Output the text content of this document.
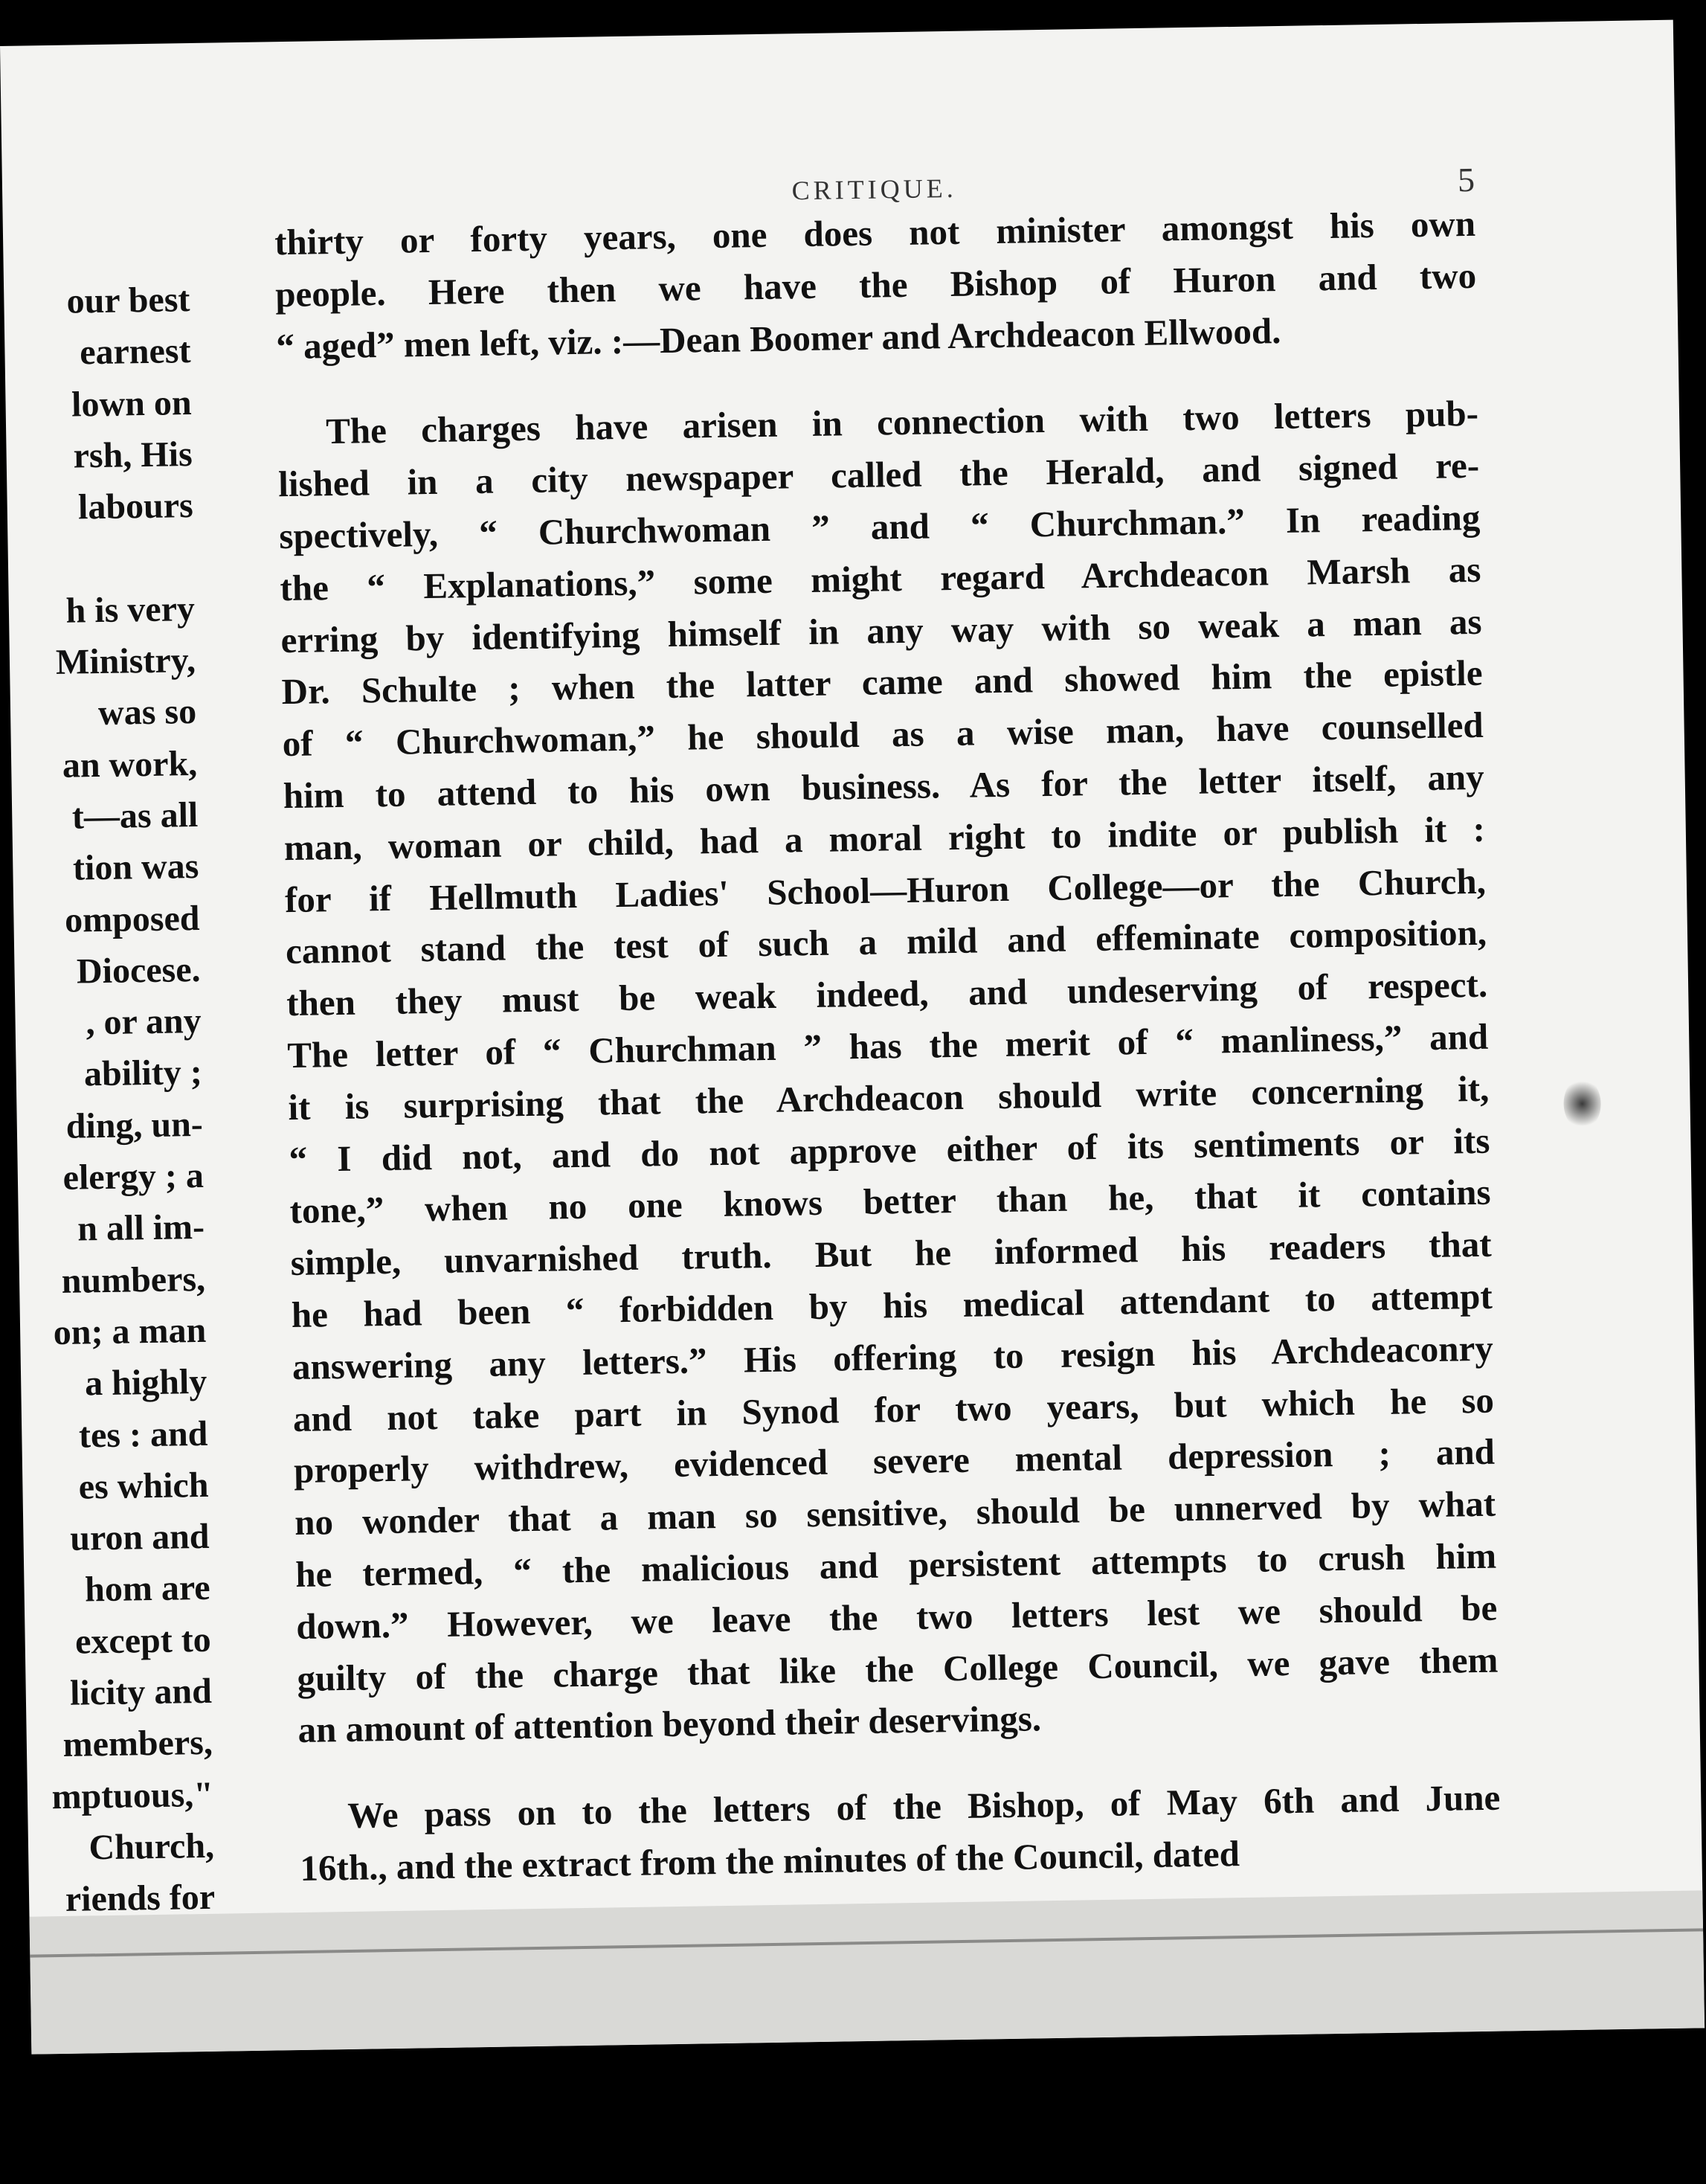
CRITIQUE.	5
our best
earnest
lown on
rsh, His
labours
h is very
Ministry,
was so
an work,
t—as all
tion was
omposed
Diocese.
, or any
ability ;
ding, un-
elergy ; a
n all im-
numbers,
on; a man
a highly
tes : and
es which
uron and
hom are
except to
licity and
members,
mptuous,"
Church,
riends for
thirty or forty years, one does not minister amongst his own
people. Here then we have the Bishop of Huron and two
“ aged” men left, viz. :—Dean Boomer and Archdeacon Ellwood.
The charges have arisen in connection with two letters pub-
lished in a city newspaper called the Herald, and signed re-
spectively, “ Churchwoman ” and “ Churchman.” In reading
the “ Explanations,” some might regard Archdeacon Marsh as
erring by identifying himself in any way with so weak a man as
Dr. Schulte ; when the latter came and showed him the epistle
of “ Churchwoman,” he should as a wise man, have counselled
him to attend to his own business. As for the letter itself, any
man, woman or child, had a moral right to indite or publish it :
for if Hellmuth Ladies' School—Huron College—or the Church,
cannot stand the test of such a mild and effeminate composition,
then they must be weak indeed, and undeserving of respect.
The letter of “ Churchman ” has the merit of “ manliness,” and
it is surprising that the Archdeacon should write concerning it,
“ I did not, and do not approve either of its sentiments or its
tone,” when no one knows better than he, that it contains
simple, unvarnished truth. But he informed his readers that
he had been “ forbidden by his medical attendant to attempt
answering any letters.” His offering to resign his Archdeaconry
and not take part in Synod for two years, but which he so
properly withdrew, evidenced severe mental depression ; and
no wonder that a man so sensitive, should be unnerved by what
he termed, “ the malicious and persistent attempts to crush him
down.” However, we leave the two letters lest we should be
guilty of the charge that like the College Council, we gave them
an amount of attention beyond their deservings.
We pass on to the letters of the Bishop, of May 6th and June
16th., and the extract from the minutes of the Council, dated
